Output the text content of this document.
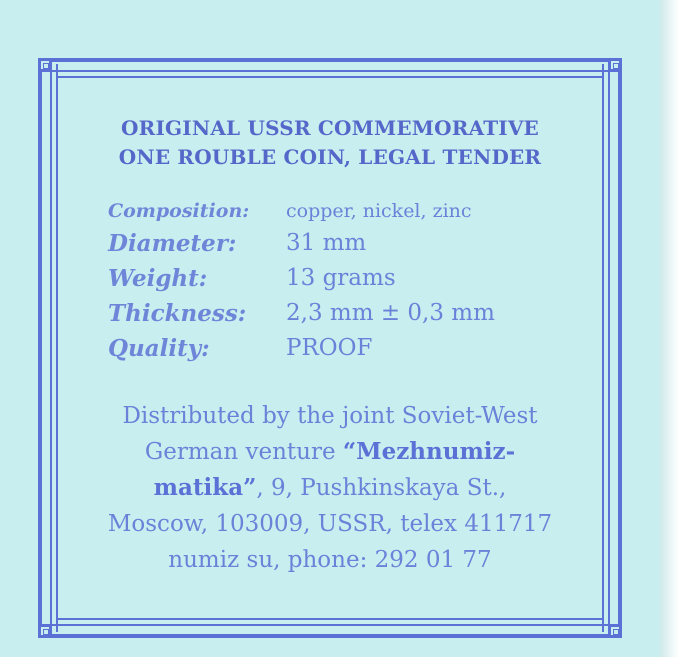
ORIGINAL USSR COMMEMORATIVE
ONE ROUBLE COIN, LEGAL TENDER
Composition: copper, nickel, zinc
Diameter: 31 mm
Weight:	13 grams
Thickness: 2,3 mm ± 0,3 mm
Quality:	PROOF
Distributed by the joint Soviet-West
German venture “Mezhnumiz-
matika”, 9, Pushkinskaya St.,
Moscow, 103009, USSR, telex 411717
numiz su, phone: 292 01 77
